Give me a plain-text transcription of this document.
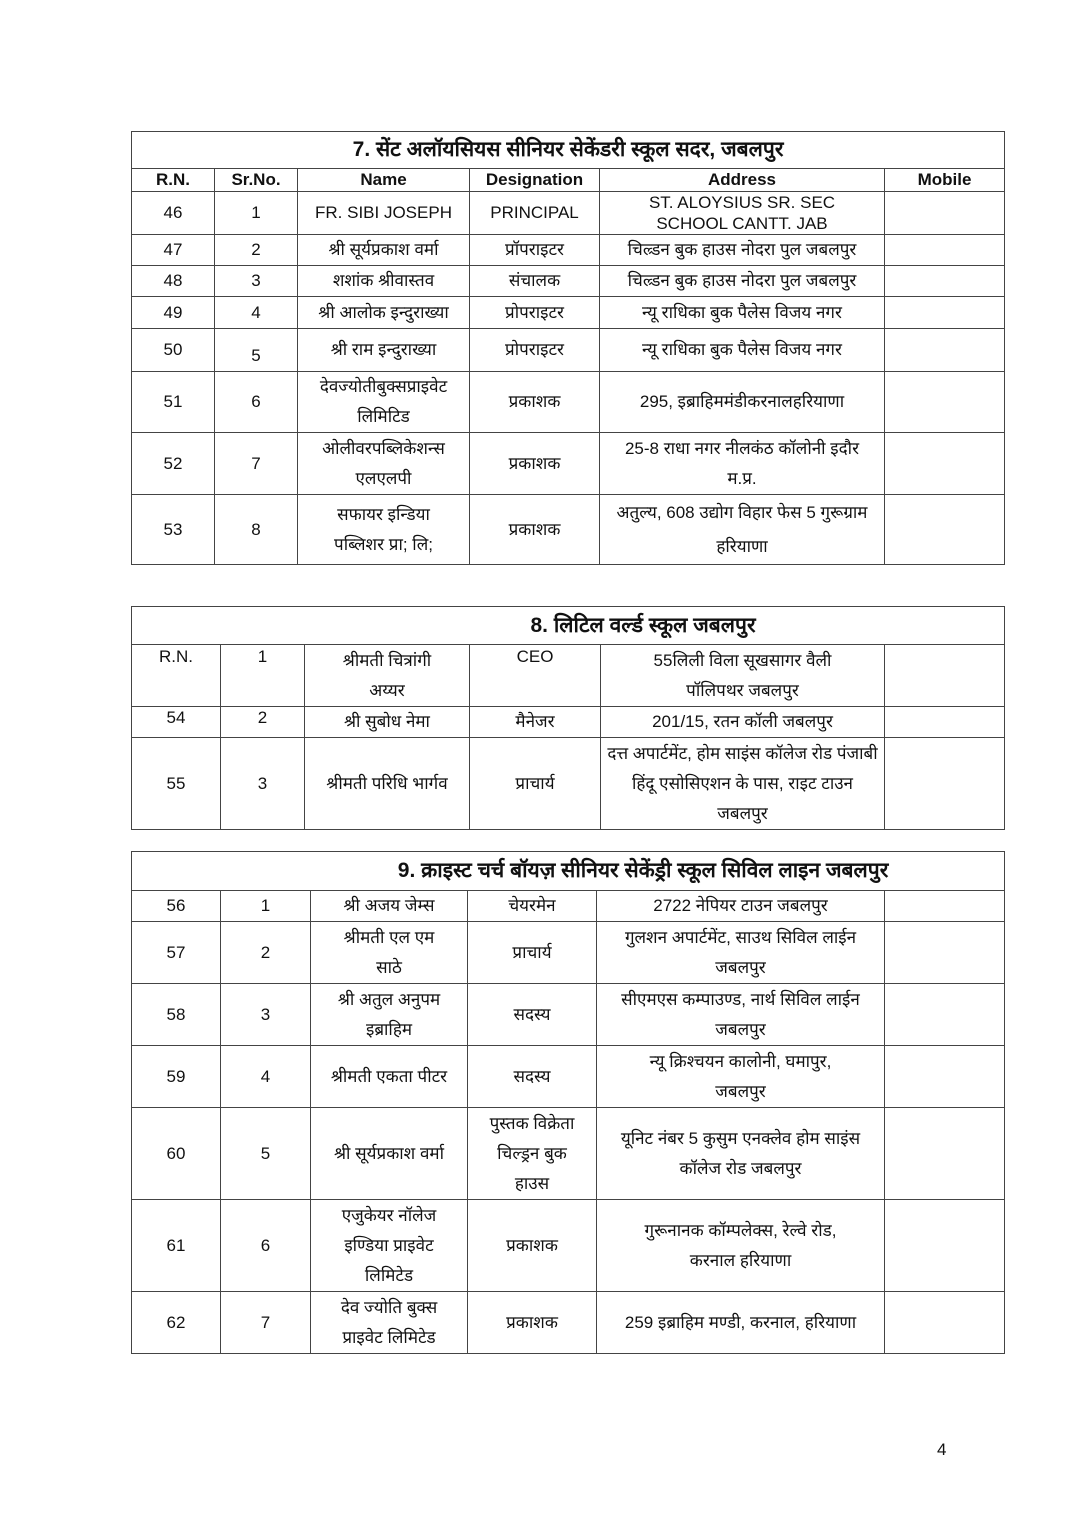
7. सेंट अलॉयसियस सीनियर सेकेंडरी स्कूल सदर, जबलपुर					
R.N.	Sr.No.	Name	Designation	Address	Mobile
46	1	FR. SIBI JOSEPH	PRINCIPAL	ST. ALOYSIUS SR. SEC SCHOOL CANTT. JAB	
47	2	श्री सूर्यप्रकाश वर्मा	प्रॉपराइटर	चिल्र्डन बुक हाउस नोदरा पुल जबलपुर	
48	3	शशांक श्रीवास्तव	संचालक	चिल्र्डन बुक हाउस नोदरा पुल जबलपुर	
49	4	श्री आलोक इन्दुराख्या	प्रोपराइटर	न्यू राधिका बुक पैलेस विजय नगर	
50	5	श्री राम इन्दुराख्या	प्रोपराइटर	न्यू राधिका बुक पैलेस विजय नगर	
51	6	देवज्योतीबुक्सप्राइवेट लिमिटिड	प्रकाशक	295, इब्राहिममंडीकरनालहरियाणा	
52	7	ओलीवरपब्लिकेशन्स एलएलपी	प्रकाशक	25-8 राधा नगर नीलकंठ कॉलोनी इदौर म.प्र.	
53	8	सफायर इन्डिया पब्लिशर प्रा; लि;	प्रकाशक	अतुल्य, 608 उद्योग विहार फेस 5 गुरूग्राम हरियाणा	
8. लिटिल वर्ल्ड स्कूल जबलपुर					
R.N.	1	श्रीमती चित्रांगी अय्यर	CEO	55लिली विला सूखसागर वैली पॉलिपथर जबलपुर	
54	2	श्री सुबोध नेमा	मैनेजर	201/15, रतन कॉली जबलपुर	
55	3	श्रीमती परिधि भार्गव	प्राचार्य	दत्त अपार्टमेंट, होम साइंस कॉलेज रोड पंजाबी हिंदू एसोसिएशन के पास, राइट टाउन जबलपुर	
9. क्राइस्ट चर्च बॉयज़ सीनियर सेकेंड्री स्कूल सिविल लाइन जबलपुर					
56	1	श्री अजय जेम्स	चेयरमेन	2722 नेपियर टाउन जबलपुर	
57	2	श्रीमती एल एम साठे	प्राचार्य	गुलशन अपार्टमेंट, साउथ सिविल लाईन जबलपुर	
58	3	श्री अतुल अनुपम इब्राहिम	सदस्य	सीएमएस कम्पाउण्ड, नार्थ सिविल लाईन जबलपुर	
59	4	श्रीमती एकता पीटर	सदस्य	न्यू क्रिश्चयन कालोनी, घमापुर, जबलपुर	
60	5	श्री सूर्यप्रकाश वर्मा	पुस्तक विक्रेता चिल्ड्रन बुक हाउस	यूनिट नंबर 5 कुसुम एनक्लेव होम साइंस कॉलेज रोड जबलपुर	
61	6	एजुकेयर नॉलेज इण्डिया प्राइवेट लिमिटेड	प्रकाशक	गुरूनानक कॉम्पलेक्स, रेल्वे रोड, करनाल हरियाणा	
62	7	देव ज्योति बुक्स प्राइवेट लिमिटेड	प्रकाशक	259 इब्राहिम मण्डी, करनाल, हरियाणा	
4
